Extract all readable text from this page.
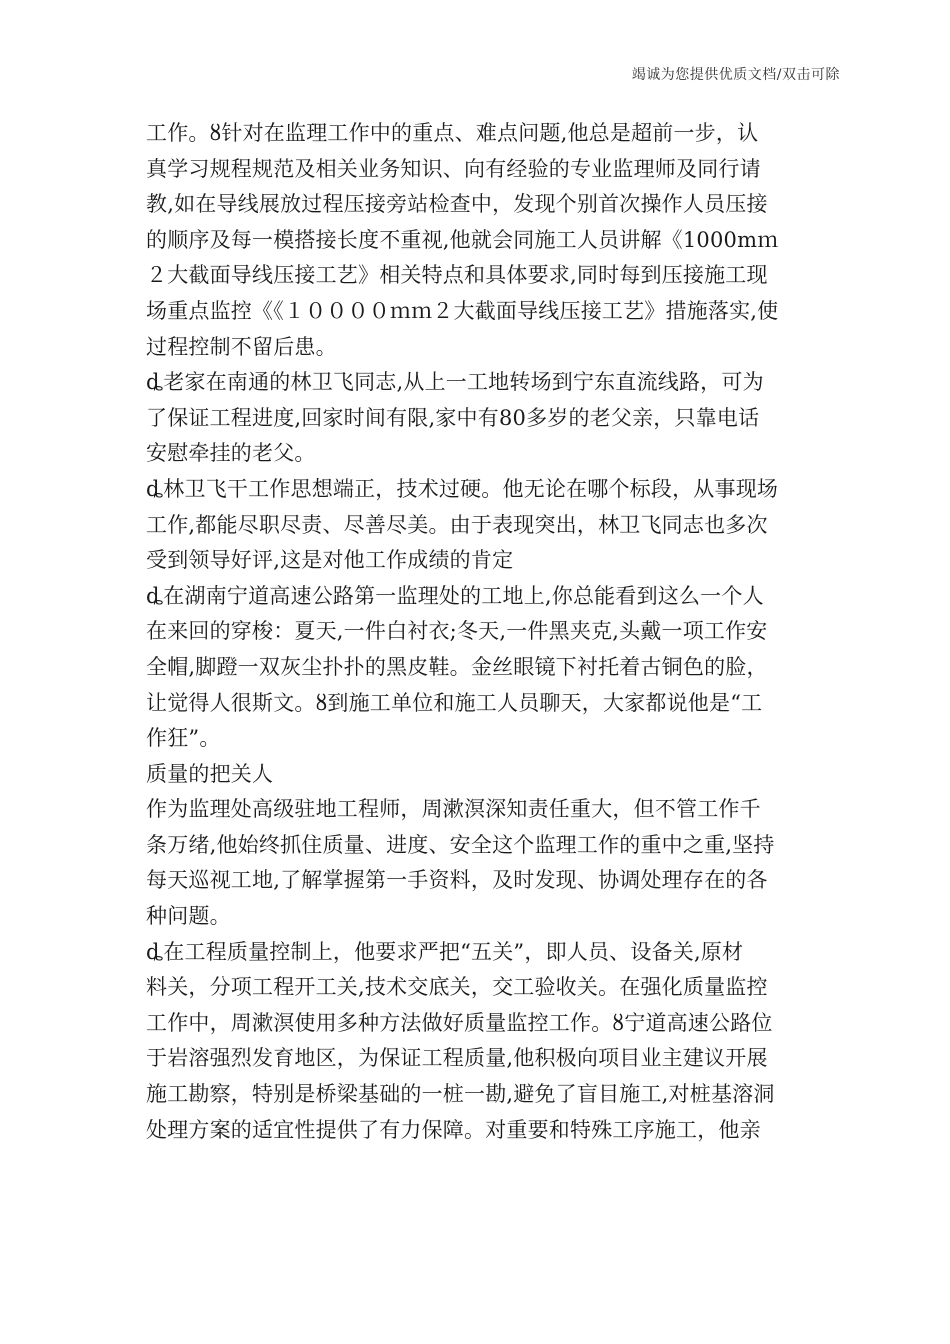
竭诚为您提供优质文档/双击可除
工作。ȣ针对在监理工作中的重点、难点问题,他总是超前一步，认
真学习规程规范及相关业务知识、向有经验的专业监理师及同行请
教,如在导线展放过程压接旁站检查中，发现个别首次操作人员压接
的顺序及每一模搭接长度不重视,他就会同施工人员讲解《1000mｍ
２大截面导线压接工艺》相关特点和具体要求,同时每到压接施工现
场重点监控《《１００００ｍｍ２大截面导线压接工艺》措施落实,使
过程控制不留后患。
ȡ老家在南通的林卫飞同志,从上一工地转场到宁东直流线路，可为
了保证工程进度,回家时间有限,家中有80多岁的老父亲，只靠电话
安慰牵挂的老父。
ȡ林卫飞干工作思想端正，技术过硬。他无论在哪个标段，从事现场
工作,都能尽职尽责、尽善尽美。由于表现突出，林卫飞同志也多次
受到领导好评,这是对他工作成绩的肯定
ȡ在湖南宁道高速公路第一监理处的工地上,你总能看到这么一个人
在来回的穿梭：夏天,一件白衬衣;冬天,一件黑夹克,头戴一项工作安
全帽,脚蹬一双灰尘扑扑的黑皮鞋。金丝眼镜下衬托着古铜色的脸，
让觉得人很斯文。ȣ到施工单位和施工人员聊天，大家都说他是“工
作狂”。
质量的把关人
作为监理处高级驻地工程师，周漱溟深知责任重大，但不管工作千
条万绪,他始终抓住质量、进度、安全这个监理工作的重中之重,坚持
每天巡视工地,了解掌握第一手资料，及时发现、协调处理存在的各
种问题。
ȡ在工程质量控制上，他要求严把“五关”，即人员、设备关,原材
料关，分项工程开工关,技术交底关，交工验收关。在强化质量监控
工作中，周漱溟使用多种方法做好质量监控工作。ȣ宁道高速公路位
于岩溶强烈发育地区，为保证工程质量,他积极向项目业主建议开展
施工勘察，特别是桥梁基础的一桩一勘,避免了盲目施工,对桩基溶洞
处理方案的适宜性提供了有力保障。对重要和特殊工序施工，他亲
